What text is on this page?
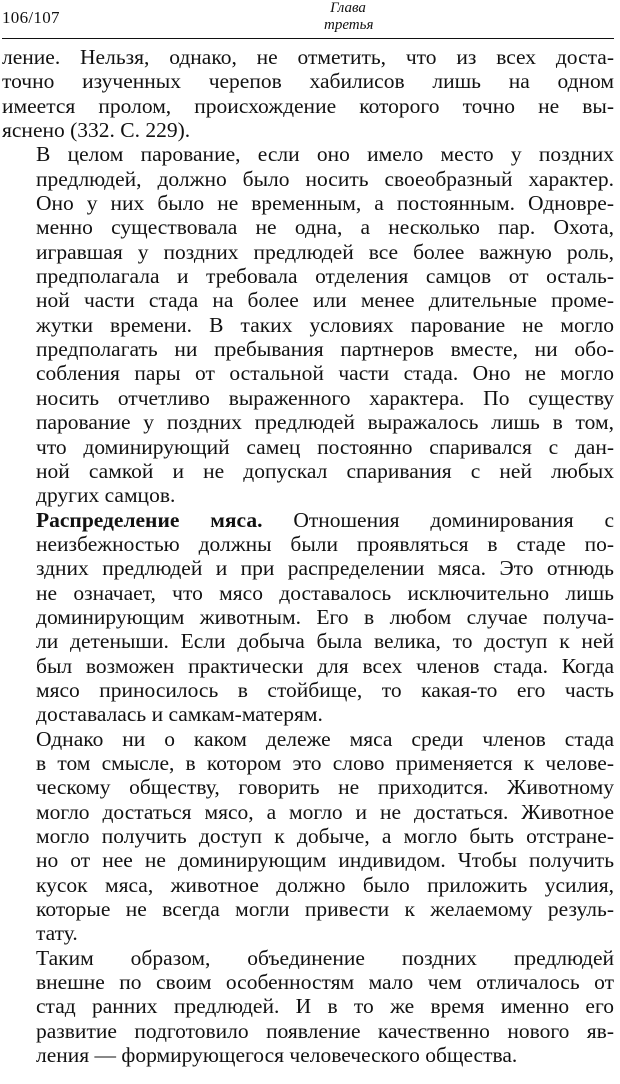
106/107	Глава
третья

ление. Нельзя, однако, не отметить, что из всех доста-
точно изученных черепов хабилисов лишь на одном
имеется пролом, происхождение которого точно не вы-
яснено (332. С. 229).

В целом парование, если оно имело место у поздних
предлюдей, должно было носить своеобразный характер.
Оно у них было не временным, а постоянным. Одновре-
менно существовала не одна, а несколько пар. Охота,
игравшая у поздних предлюдей все более важную роль,
предполагала и требовала отделения самцов от осталь-
ной части стада на более или менее длительные проме-
жутки времени. В таких условиях парование не могло
предполагать ни пребывания партнеров вместе, ни обо-
собления пары от остальной части стада. Оно не могло
носить отчетливо выраженного характера. По существу
парование у поздних предлюдей выражалось лишь в том,
что доминирующий самец постоянно спаривался с дан-
ной самкой и не допускал спаривания с ней любых
других самцов.

Распределение мяса. Отношения доминирования с
неизбежностью должны были проявляться в стаде по-
здних предлюдей и при распределении мяса. Это отнюдь
не означает, что мясо доставалось исключительно лишь
доминирующим животным. Его в любом случае получа-
ли детеныши. Если добыча была велика, то доступ к ней
был возможен практически для всех членов стада. Когда
мясо приносилось в стойбище, то какая-то его часть
доставалась и самкам-матерям.

Однако ни о каком дележе мяса среди членов стада
в том смысле, в котором это слово применяется к челове-
ческому обществу, говорить не приходится. Животному
могло достаться мясо, а могло и не достаться. Животное
могло получить доступ к добыче, а могло быть отстране-
но от нее не доминирующим индивидом. Чтобы получить
кусок мяса, животное должно было приложить усилия,
которые не всегда могли привести к желаемому резуль-
тату.

Таким образом, объединение поздних предлюдей
внешне по своим особенностям мало чем отличалось от
стад ранних предлюдей. И в то же время именно его
развитие подготовило появление качественно нового яв-
ления — формирующегося человеческого общества.
